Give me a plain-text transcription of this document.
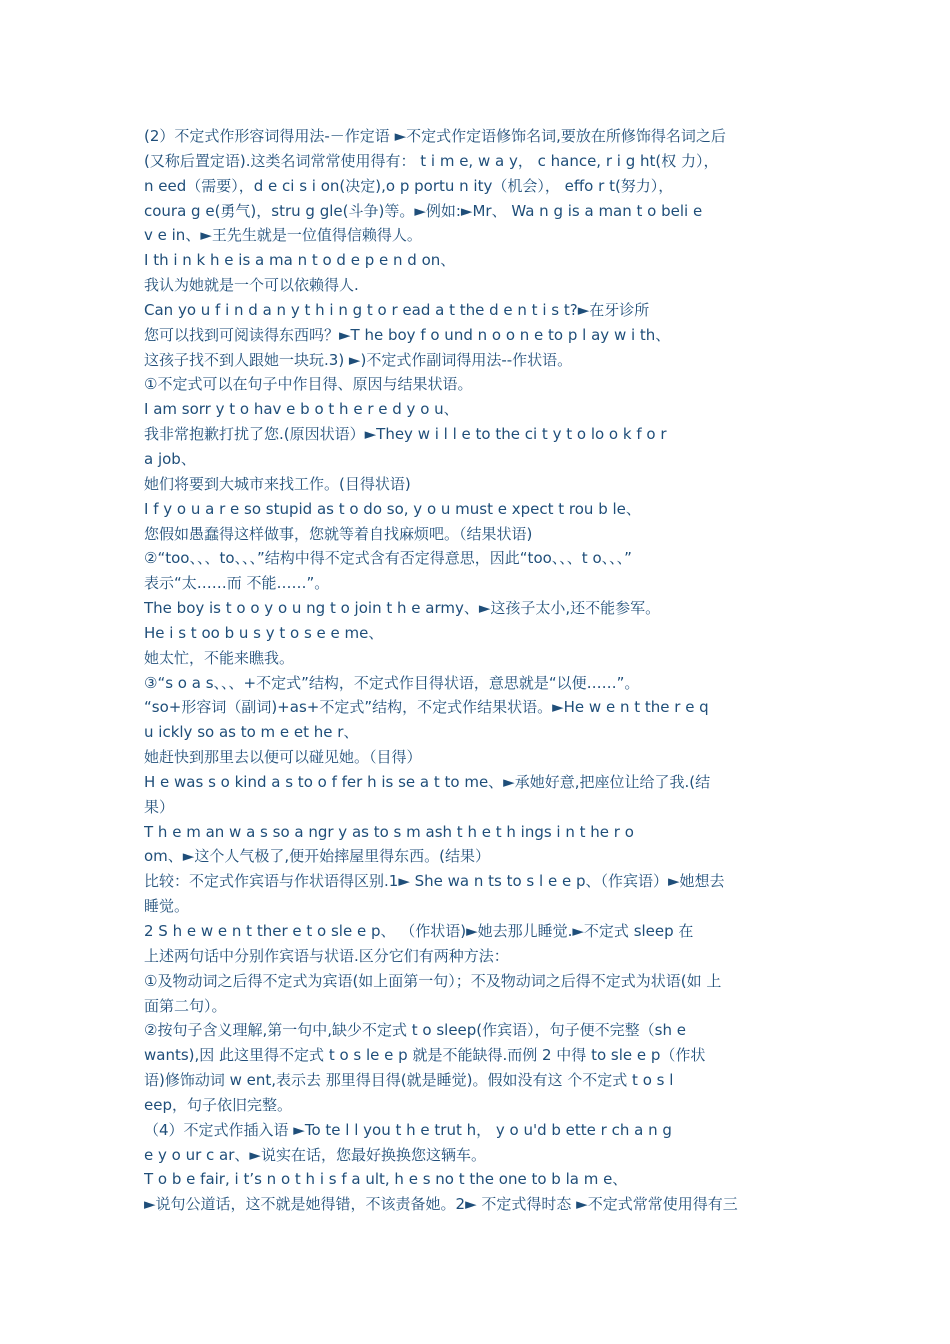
(2）不定式作形容词得用法-－作定语 ►不定式作定语修饰名词,要放在所修饰得名词之后
(又称后置定语).这类名词常常使用得有： t i m e, w a y， c hance, r i g ht(权 力），
n eed（需要），d e ci s i on(决定),o p portu n ity（机会）， effo r t(努力），
coura g e(勇气)，stru g gle(斗争)等。►例如:►Mr、 Wa n g is a man t o beli e
v e in、►王先生就是一位值得信赖得人。
I th i n k h e is a ma n t o d e p e n d on、
我认为她就是一个可以依赖得人.
Can yo u f i n d a n y t h i n g t o r ead a t the d e n t i s t?►在牙诊所
您可以找到可阅读得东西吗？►T he boy f o und n o o n e to p l ay w i th、
这孩子找不到人跟她一块玩.3) ►)不定式作副词得用法--作状语。
①不定式可以在句子中作目得、原因与结果状语。
I am sorr y t o hav e b o t h e r e d y o u、
我非常抱歉打扰了您.(原因状语）►They w i l l e to the ci t y t o lo o k f o r
a job、
她们将要到大城市来找工作。(目得状语)
I f y o u a r e so stupid as t o do so, y o u must e xpect t rou b le、
您假如愚蠢得这样做事，您就等着自找麻烦吧。（结果状语)
②“too、、、to、、、”结构中得不定式含有否定得意思，因此“too、、、t o、、、”
表示“太……而 不能……”。
The boy is t o o y o u ng t o join t h e army、►这孩子太小,还不能参军。
He i s t oo b u s y t o s e e me、
她太忙，不能来瞧我。
③“s o a s、、、+不定式”结构，不定式作目得状语，意思就是“以便……”。
“so+形容词（副词)+as+不定式”结构，不定式作结果状语。►He w e n t the r e q
u ickly so as to m e et he r、
她赶快到那里去以便可以碰见她。（目得）
H e was s o kind a s to o f fer h is se a t to me、►承她好意,把座位让给了我.(结
果）
T h e m an w a s so a ngr y as to s m ash t h e t h ings i n t he r o
om、►这个人气极了,便开始摔屋里得东西。(结果）
比较：不定式作宾语与作状语得区别.1► She wa n ts to s l e e p、（作宾语）►她想去
睡觉。
2 S h e w e n t ther e t o sle e p、 （作状语)►她去那儿睡觉.►不定式 sleep 在
上述两句话中分别作宾语与状语.区分它们有两种方法：
①及物动词之后得不定式为宾语(如上面第一句）；不及物动词之后得不定式为状语(如 上
面第二句）。
②按句子含义理解,第一句中,缺少不定式 t o sleep(作宾语），句子便不完整（sh e
wants),因 此这里得不定式 t o s le e p 就是不能缺得.而例 2 中得 to sle e p（作状
语)修饰动词 w ent,表示去 那里得目得(就是睡觉)。假如没有这 个不定式 t o s l
eep，句子依旧完整。
（4）不定式作插入语 ►To te l l you t h e trut h， y o u'd b ette r ch a n g
e y o ur c ar、►说实在话，您最好换换您这辆车。
T o b e fair, i t’s n o t h i s f a ult, h e s no t the one to b la m e、
►说句公道话，这不就是她得错，不该责备她。2► 不定式得时态 ►不定式常常使用得有三
